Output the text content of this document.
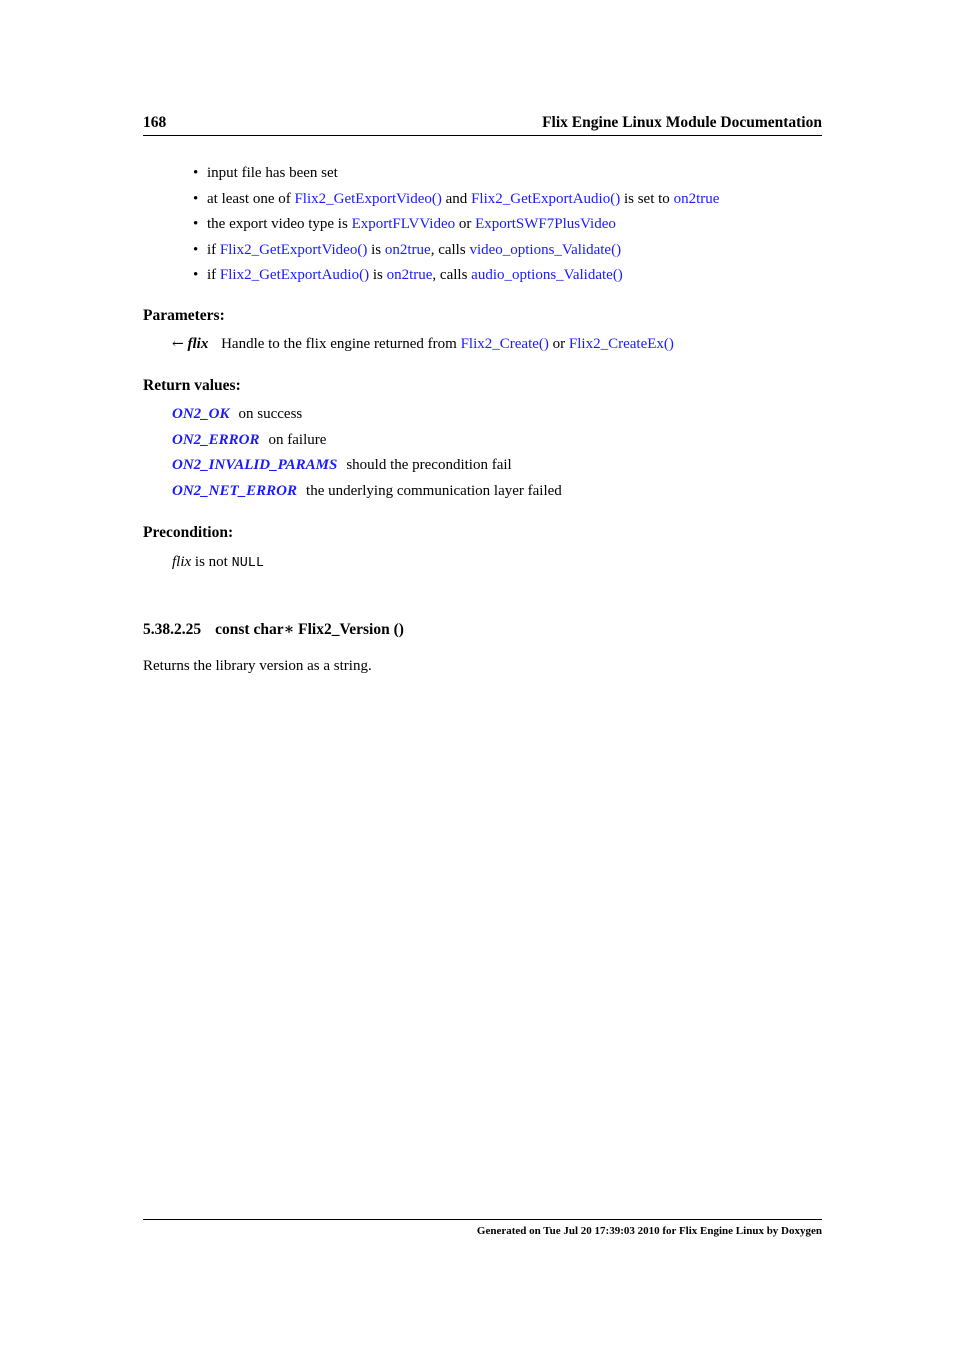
168	Flix Engine Linux Module Documentation
• input file has been set
• at least one of Flix2_GetExportVideo() and Flix2_GetExportAudio() is set to on2true
• the export video type is ExportFLVVideo or ExportSWF7PlusVideo
• if Flix2_GetExportVideo() is on2true, calls video_options_Validate()
• if Flix2_GetExportAudio() is on2true, calls audio_options_Validate()
Parameters:
← flix Handle to the flix engine returned from Flix2_Create() or Flix2_CreateEx()
Return values:
ON2_OK on success
ON2_ERROR on failure
ON2_INVALID_PARAMS should the precondition fail
ON2_NET_ERROR the underlying communication layer failed
Precondition:
flix is not NULL
5.38.2.25 const char∗ Flix2_Version ()
Returns the library version as a string.
Generated on Tue Jul 20 17:39:03 2010 for Flix Engine Linux by Doxygen
